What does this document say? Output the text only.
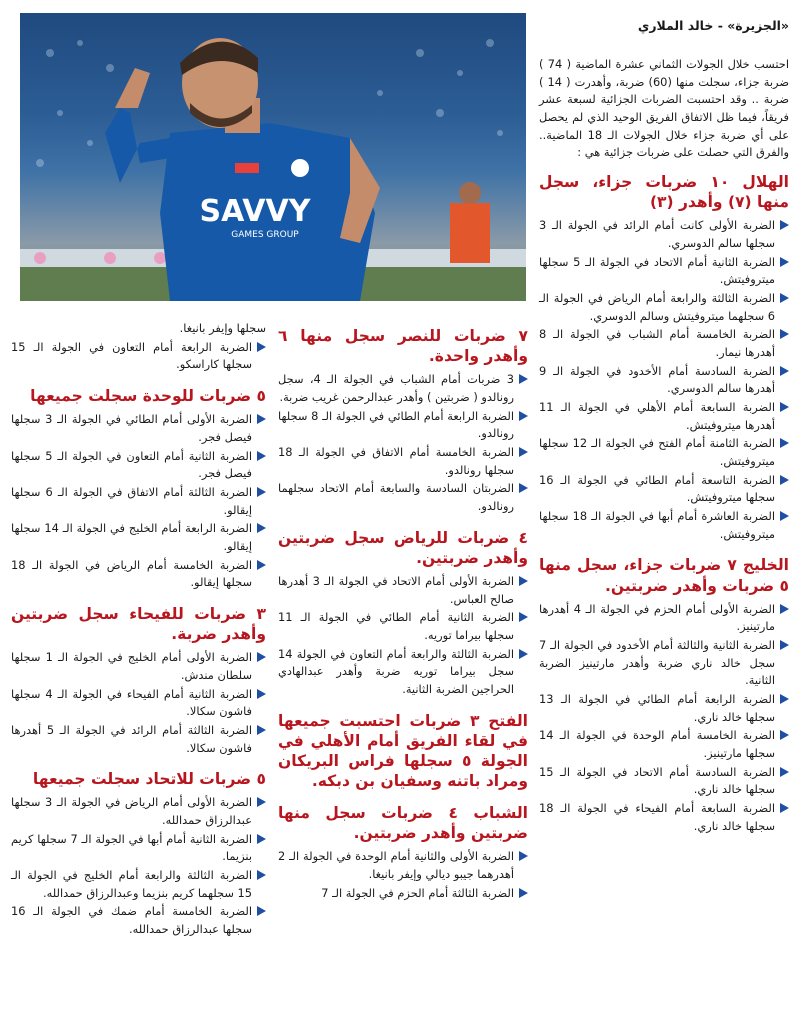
«الجزيرة» - خالد الملاري
SAVVY
GAMES GROUP

احتسب خلال الجولات الثماني عشرة الماضية ( 74 ) ضربة جزاء، سجلت منها (60) ضربة، وأهدرت ( 14 ) ضربة .. وقد احتسبت الضربات الجزائية لسبعة عشر فريقاً، فيما ظل الاتفاق الفريق الوحيد الذي لم يحصل على أي ضربة جزاء خلال الجولات الـ 18 الماضية.. والفرق التي حصلت على ضربات جزائية هي :

الهلال ١٠ ضربات جزاء، سجل منها (٧) وأهدر (٣)
الضربة الأولى كانت أمام الرائد في الجولة الـ 3 سجلها سالم الدوسري.
الضربة الثانية أمام الاتحاد في الجولة الـ 5 سجلها ميتروفيتش.
الضربة الثالثة والرابعة أمام الرياض في الجولة الـ 6 سجلهما ميتروفيتش وسالم الدوسري.
الضربة الخامسة أمام الشباب في الجولة الـ 8 أهدرها نيمار.
الضربة السادسة أمام الأخدود في الجولة الـ 9 أهدرها سالم الدوسري.
الضربة السابعة أمام الأهلي في الجولة الـ 11 أهدرها ميتروفيتش.
الضربة الثامنة أمام الفتح في الجولة الـ 12 سجلها ميتروفيتش.
الضربة التاسعة أمام الطائي في الجولة الـ 16 سجلها ميتروفيتش.
الضربة العاشرة أمام أبها في الجولة الـ 18 سجلها ميتروفيتش.
الخليج ٧ ضربات جزاء، سجل منها ٥ ضربات وأهدر ضربتين.
الضربة الأولى أمام الحزم في الجولة الـ 4 أهدرها مارتينيز.
الضربة الثانية والثالثة أمام الأخدود في الجولة الـ 7 سجل خالد ناري ضربة وأهدر مارتينيز الضربة الثانية.
الضربة الرابعة أمام الطائي في الجولة الـ 13 سجلها خالد ناري.
الضربة الخامسة أمام الوحدة في الجولة الـ 14 سجلها مارتينيز.
الضربة السادسة أمام الاتحاد في الجولة الـ 15 سجلها خالد ناري.
الضربة السابعة أمام الفيحاء في الجولة الـ 18 سجلها خالد ناري.
٧ ضربات للنصر سجل منها ٦ وأهدر واحدة.
3 ضربات أمام الشباب في الجولة الـ 4، سجل رونالدو ( ضربتين ) وأهدر عبدالرحمن غريب ضربة.
الضربة الرابعة أمام الطائي في الجولة الـ 8 سجلها رونالدو.
الضربة الخامسة أمام الاتفاق في الجولة الـ 18 سجلها رونالدو.
الضربتان السادسة والسابعة أمام الاتحاد سجلهما رونالدو.
٤ ضربات للرياض سجل ضربتين وأهدر ضربتين.
الضربة الأولى أمام الاتحاد في الجولة الـ 3 أهدرها صالح العباس.
الضربة الثانية أمام الطائي في الجولة الـ 11 سجلها بيراما توريه.
الضربة الثالثة والرابعة أمام التعاون في الجولة 14 سجل بيراما توريه ضربة وأهدر عبدالهادي الحراجين الضربة الثانية.
الفتح ٣ ضربات احتسبت جميعها في لقاء الفريق أمام الأهلي في الجولة ٥ سجلها فراس البريكان ومراد باتنه وسفيان بن دبكه.
الشباب ٤ ضربات سجل منها ضربتين وأهدر ضربتين.
الضربة الأولى والثانية أمام الوحدة في الجولة الـ 2 أهدرهما جيبو ديالي وإيفر بانيغا.
الضربة الثالثة أمام الحزم في الجولة الـ 7

سجلها وإيفر بانيغا.

الضربة الرابعة أمام التعاون في الجولة الـ 15 سجلها كاراسكو.
٥ ضربات للوحدة سجلت جميعها
الضربة الأولى أمام الطائي في الجولة الـ 3 سجلها فيصل فجر.
الضربة الثانية أمام التعاون في الجولة الـ 5 سجلها فيصل فجر.
الضربة الثالثة أمام الاتفاق في الجولة الـ 6 سجلها إيقالو.
الضربة الرابعة أمام الخليج في الجولة الـ 14 سجلها إيقالو.
الضربة الخامسة أمام الرياض في الجولة الـ 18 سجلها إيقالو.
٣ ضربات للفيحاء سجل ضربتين وأهدر ضربة.
الضربة الأولى أمام الخليج في الجولة الـ 1 سجلها سلطان مندش.
الضربة الثانية أمام الفيحاء في الجولة الـ 4 سجلها فاشون سكالا.
الضربة الثالثة أمام الرائد في الجولة الـ 5 أهدرها فاشون سكالا.
٥ ضربات للاتحاد سجلت جميعها
الضربة الأولى أمام الرياض في الجولة الـ 3 سجلها عبدالرزاق حمدالله.
الضربة الثانية أمام أبها في الجولة الـ 7 سجلها كريم بنزيما.
الضربة الثالثة والرابعة أمام الخليج في الجولة الـ 15 سجلهما كريم بنزيما وعبدالرزاق حمدالله.
الضربة الخامسة أمام ضمك في الجولة الـ 16 سجلها عبدالرزاق حمدالله.
